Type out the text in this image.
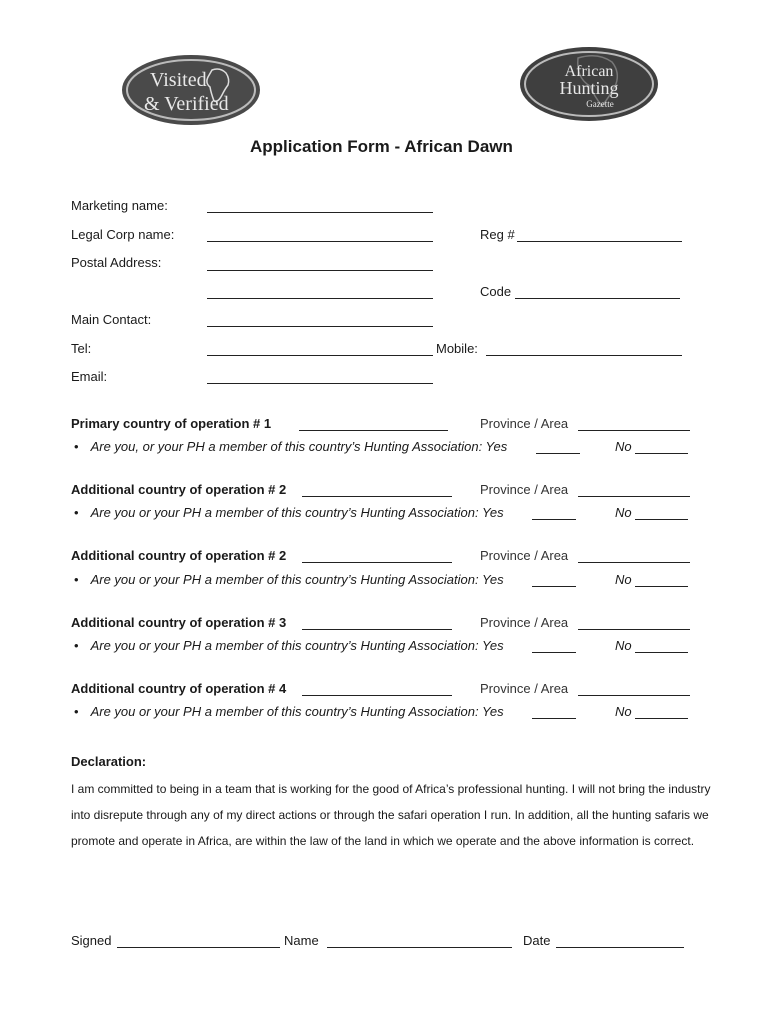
Visited
& Verified
African
Hunting
Gazette
Application Form - African Dawn
Marketing name:
Legal Corp name:	Reg #
Postal Address:
Code
Main Contact:
Tel:	Mobile:
Email:
Primary country of operation # 1	Province / Area
• Are you, or your PH a member of this country’s Hunting Association: Yes	No
Additional country of operation # 2	Province / Area
• Are you or your PH a member of this country’s Hunting Association: Yes	No
Additional country of operation # 2	Province / Area
• Are you or your PH a member of this country’s Hunting Association: Yes	No
Additional country of operation # 3	Province / Area
• Are you or your PH a member of this country’s Hunting Association: Yes	No
Additional country of operation # 4	Province / Area
• Are you or your PH a member of this country’s Hunting Association: Yes	No
Declaration:
I am committed to being in a team that is working for the good of Africa’s professional hunting. I will not bring the industry into disrepute through any of my direct actions or through the safari operation I run. In addition, all the hunting safaris we promote and operate in Africa, are within the law of the land in which we operate and the above information is correct.
Signed	Name	Date
